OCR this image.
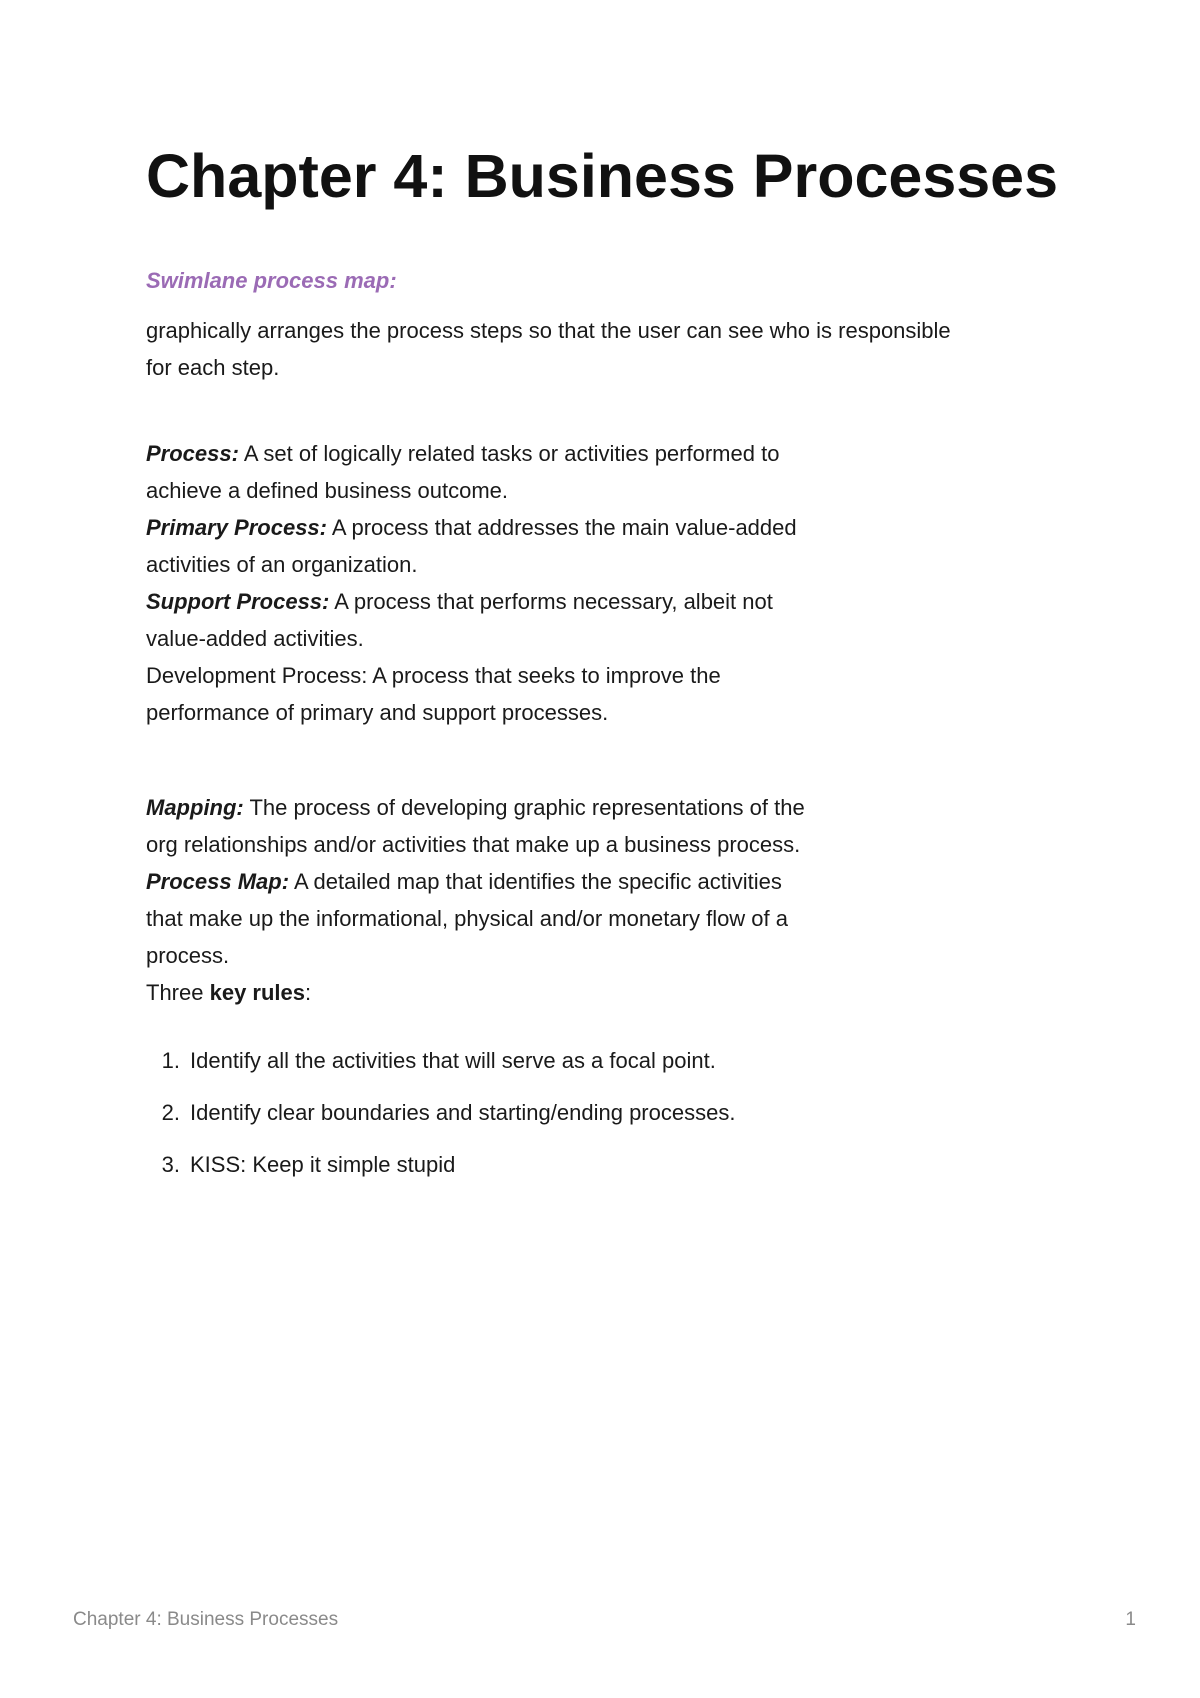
Chapter 4: Business Processes

Swimlane process map:

graphically arranges the process steps so that the user can see who is responsible
for each step.

Process: A set of logically related tasks or activities performed to
achieve a defined business outcome.
Primary Process: A process that addresses the main value-added
activities of an organization.
Support Process: A process that performs necessary, albeit not
value-added activities.
Development Process: A process that seeks to improve the
performance of primary and support processes.
Mapping: The process of developing graphic representations of the
org relationships and/or activities that make up a business process.
Process Map: A detailed map that identifies the specific activities
that make up the informational, physical and/or monetary flow of a
process.
Three key rules:
1. Identify all the activities that will serve as a focal point.
2. Identify clear boundaries and starting/ending processes.
3. KISS: Keep it simple stupid
Chapter 4: Business Processes	1
